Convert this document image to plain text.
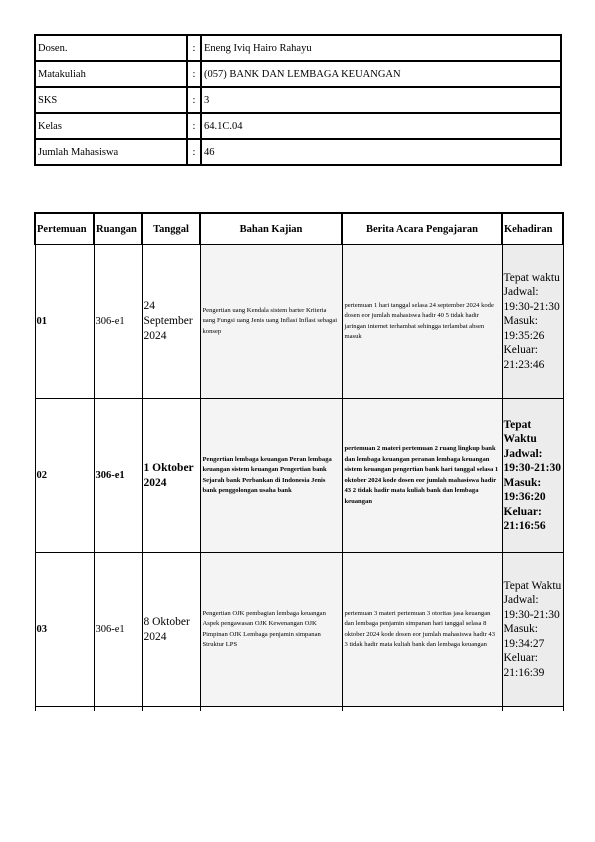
Dosen.	:	Eneng Iviq Hairo Rahayu
Matakuliah	:	(057) BANK DAN LEMBAGA KEUANGAN
SKS	:	3
Kelas	:	64.1C.04
Jumlah Mahasiswa	:	46
Pertemuan	Ruangan	Tanggal	Bahan Kajian	Berita Acara Pengajaran	Kehadiran
01	306-e1	24 September 2024	Pengertian uang Kendala sistem barter Kriteria uang Fungsi uang Jenis uang Inflasi Inflasi sebagai konsep	pertemuan 1 hari tanggal selasa 24 september 2024 kode dosen eor jumlah mahasiswa hadir 40 5 tidak hadir jaringan internet terhambat sehingga terlambat absen masuk	Tepat waktu Jadwal: 19:30-21:30 Masuk: 19:35:26 Keluar: 21:23:46
02	306-e1	1 Oktober 2024	Pengertian lembaga keuangan Peran lembaga keuangan sistem keuangan Pengertian bank Sejarah bank Perbankan di Indonesia Jenis bank penggolongan usaha bank	pertemuan 2 materi pertemuan 2 ruang lingkup bank dan lembaga keuangan peranan lembaga keuangan sistem keuangan pengertian bank hari tanggal selasa 1 oktober 2024 kode dosen eor jumlah mahasiswa hadir 43 2 tidak hadir mata kuliah bank dan lembaga keuangan	Tepat Waktu Jadwal: 19:30-21:30 Masuk: 19:36:20 Keluar: 21:16:56
03	306-e1	8 Oktober 2024	Pengertian OJK pembagian lembaga keuangan Aspek pengawasan OJK Kewenangan OJK Pimpinan OJK Lembaga penjamin simpanan Struktur LPS	pertemuan 3 materi pertemuan 3 otoritas jasa keuangan dan lembaga penjamin simpanan hari tanggal selasa 8 oktober 2024 kode dosen eor jumlah mahasiswa hadir 43 3 tidak hadir mata kuliah bank dan lembaga keuangan	Tepat Waktu Jadwal: 19:30-21:30 Masuk: 19:34:27 Keluar: 21:16:39
